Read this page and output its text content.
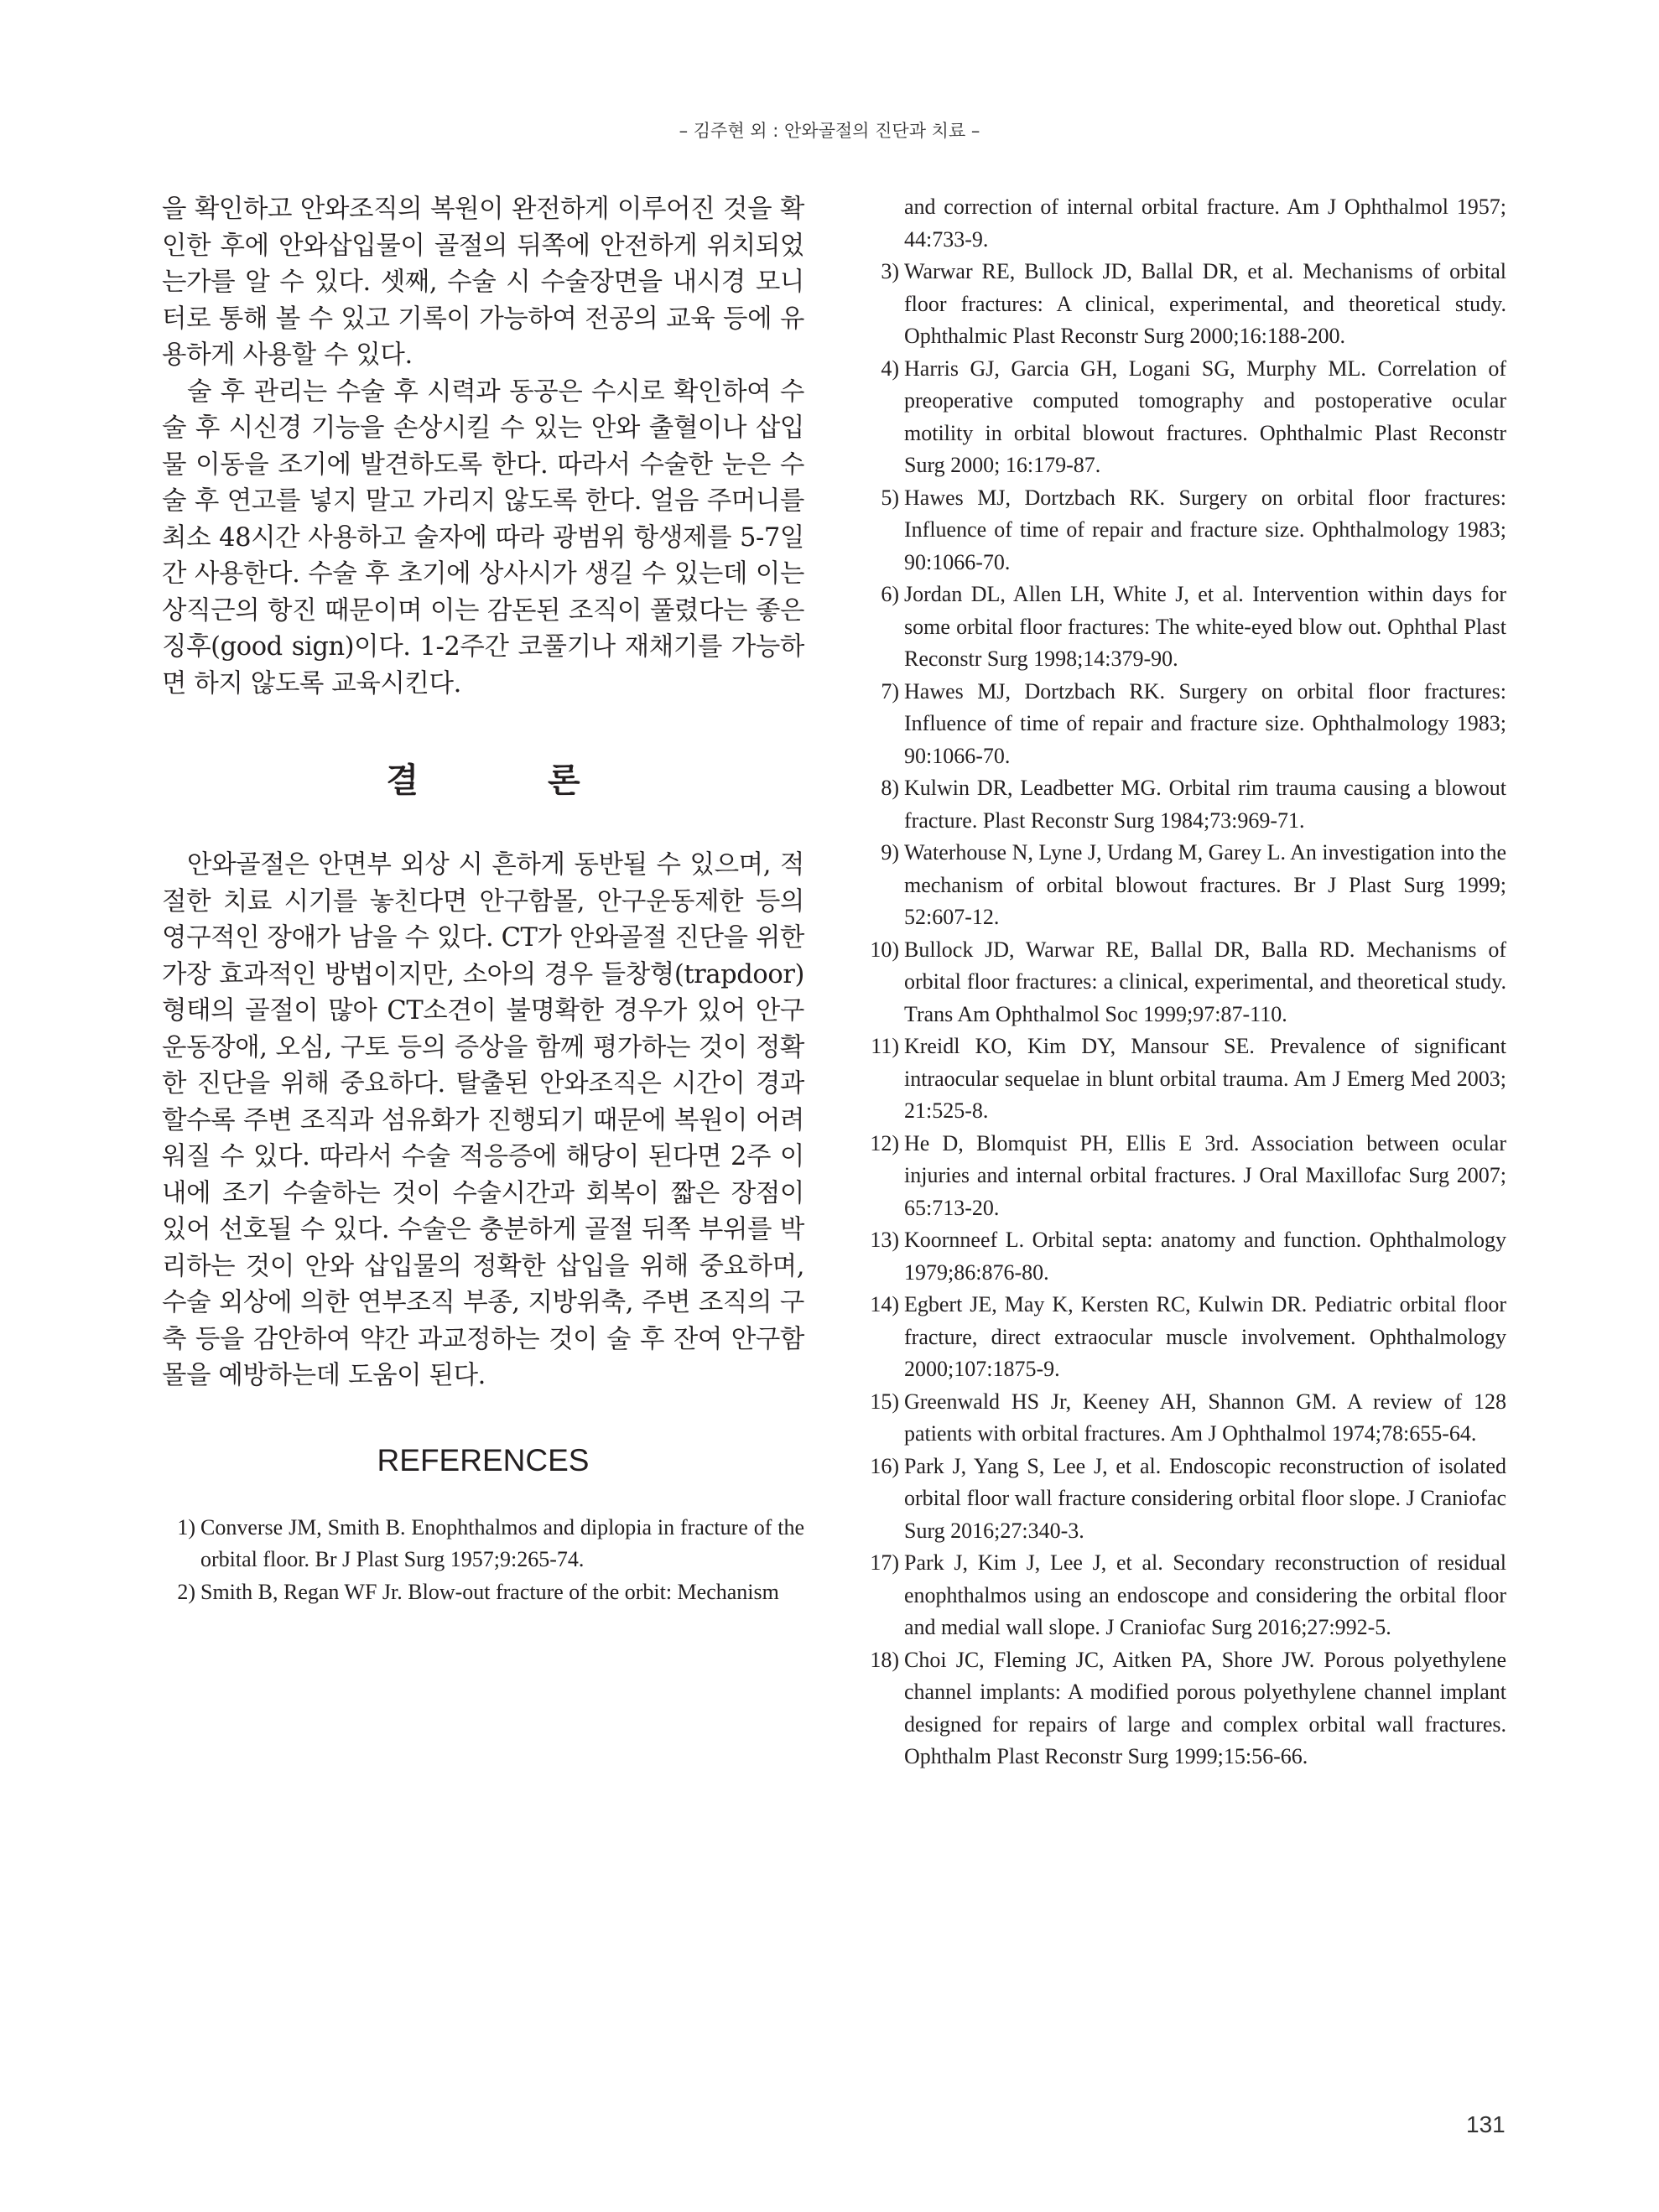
– 김주현 외 : 안와골절의 진단과 치료 –

을 확인하고 안와조직의 복원이 완전하게 이루어진 것을 확인한 후에 안와삽입물이 골절의 뒤쪽에 안전하게 위치되었는가를 알 수 있다. 셋째, 수술 시 수술장면을 내시경 모니터로 통해 볼 수 있고 기록이 가능하여 전공의 교육 등에 유용하게 사용할 수 있다.

술 후 관리는 수술 후 시력과 동공은 수시로 확인하여 수술 후 시신경 기능을 손상시킬 수 있는 안와 출혈이나 삽입물 이동을 조기에 발견하도록 한다. 따라서 수술한 눈은 수술 후 연고를 넣지 말고 가리지 않도록 한다. 얼음 주머니를 최소 48시간 사용하고 술자에 따라 광범위 항생제를 5-7일간 사용한다. 수술 후 초기에 상사시가 생길 수 있는데 이는 상직근의 항진 때문이며 이는 감돈된 조직이 풀렸다는 좋은 징후(good sign)이다. 1-2주간 코풀기나 재채기를 가능하면 하지 않도록 교육시킨다.

결 론

안와골절은 안면부 외상 시 흔하게 동반될 수 있으며, 적절한 치료 시기를 놓친다면 안구함몰, 안구운동제한 등의 영구적인 장애가 남을 수 있다. CT가 안와골절 진단을 위한 가장 효과적인 방법이지만, 소아의 경우 들창형(trapdoor)형태의 골절이 많아 CT소견이 불명확한 경우가 있어 안구운동장애, 오심, 구토 등의 증상을 함께 평가하는 것이 정확한 진단을 위해 중요하다. 탈출된 안와조직은 시간이 경과할수록 주변 조직과 섬유화가 진행되기 때문에 복원이 어려워질 수 있다. 따라서 수술 적응증에 해당이 된다면 2주 이내에 조기 수술하는 것이 수술시간과 회복이 짧은 장점이 있어 선호될 수 있다. 수술은 충분하게 골절 뒤쪽 부위를 박리하는 것이 안와 삽입물의 정확한 삽입을 위해 중요하며, 수술 외상에 의한 연부조직 부종, 지방위축, 주변 조직의 구축 등을 감안하여 약간 과교정하는 것이 술 후 잔여 안구함몰을 예방하는데 도움이 된다.

REFERENCES
1) Converse JM, Smith B. Enophthalmos and diplopia in fracture of the orbital floor. Br J Plast Surg 1957;9:265-74.
2) Smith B, Regan WF Jr. Blow-out fracture of the orbit: Mechanism
and correction of internal orbital fracture. Am J Ophthalmol 1957; 44:733-9.
3) Warwar RE, Bullock JD, Ballal DR, et al. Mechanisms of orbital floor fractures: A clinical, experimental, and theoretical study. Ophthalmic Plast Reconstr Surg 2000;16:188-200.
4) Harris GJ, Garcia GH, Logani SG, Murphy ML. Correlation of preoperative computed tomography and postoperative ocular motility in orbital blowout fractures. Ophthalmic Plast Reconstr Surg 2000; 16:179-87.
5) Hawes MJ, Dortzbach RK. Surgery on orbital floor fractures: Influence of time of repair and fracture size. Ophthalmology 1983; 90:1066-70.
6) Jordan DL, Allen LH, White J, et al. Intervention within days for some orbital floor fractures: The white-eyed blow out. Ophthal Plast Reconstr Surg 1998;14:379-90.
7) Hawes MJ, Dortzbach RK. Surgery on orbital floor fractures: Influence of time of repair and fracture size. Ophthalmology 1983; 90:1066-70.
8) Kulwin DR, Leadbetter MG. Orbital rim trauma causing a blowout fracture. Plast Reconstr Surg 1984;73:969-71.
9) Waterhouse N, Lyne J, Urdang M, Garey L. An investigation into the mechanism of orbital blowout fractures. Br J Plast Surg 1999; 52:607-12.
10) Bullock JD, Warwar RE, Ballal DR, Balla RD. Mechanisms of orbital floor fractures: a clinical, experimental, and theoretical study. Trans Am Ophthalmol Soc 1999;97:87-110.
11) Kreidl KO, Kim DY, Mansour SE. Prevalence of significant intraocular sequelae in blunt orbital trauma. Am J Emerg Med 2003; 21:525-8.
12) He D, Blomquist PH, Ellis E 3rd. Association between ocular injuries and internal orbital fractures. J Oral Maxillofac Surg 2007; 65:713-20.
13) Koornneef L. Orbital septa: anatomy and function. Ophthalmology 1979;86:876-80.
14) Egbert JE, May K, Kersten RC, Kulwin DR. Pediatric orbital floor fracture, direct extraocular muscle involvement. Ophthalmology 2000;107:1875-9.
15) Greenwald HS Jr, Keeney AH, Shannon GM. A review of 128 patients with orbital fractures. Am J Ophthalmol 1974;78:655-64.
16) Park J, Yang S, Lee J, et al. Endoscopic reconstruction of isolated orbital floor wall fracture considering orbital floor slope. J Craniofac Surg 2016;27:340-3.
17) Park J, Kim J, Lee J, et al. Secondary reconstruction of residual enophthalmos using an endoscope and considering the orbital floor and medial wall slope. J Craniofac Surg 2016;27:992-5.
18) Choi JC, Fleming JC, Aitken PA, Shore JW. Porous polyethylene channel implants: A modified porous polyethylene channel implant designed for repairs of large and complex orbital wall fractures. Ophthalm Plast Reconstr Surg 1999;15:56-66.
131
